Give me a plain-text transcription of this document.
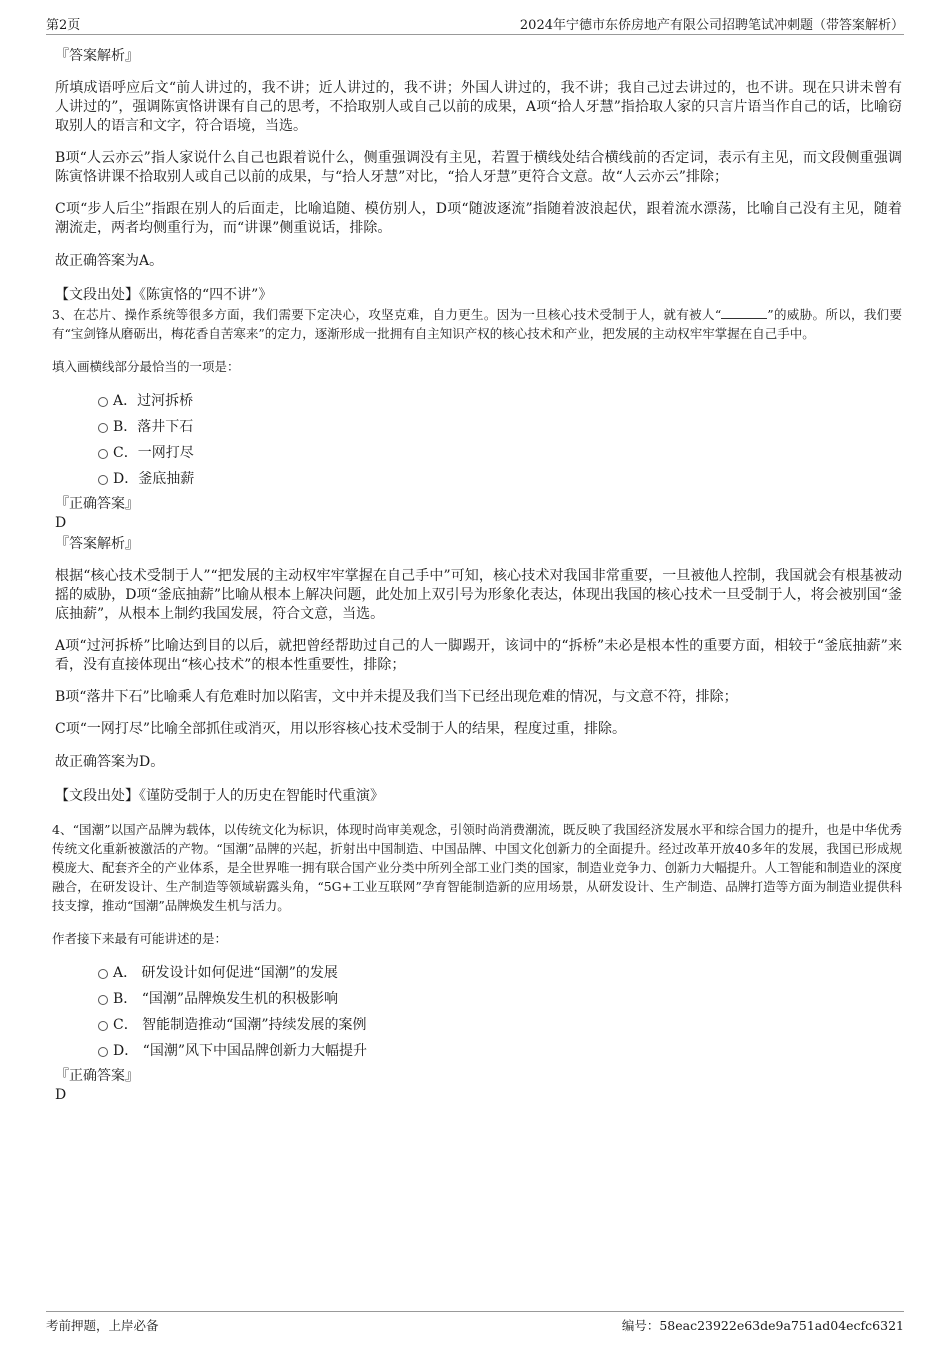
第2页	2024年宁德市东侨房地产有限公司招聘笔试冲刺题（带答案解析）

『答案解析』

所填成语呼应后文“前人讲过的，我不讲；近人讲过的，我不讲；外国人讲过的，我不讲；我自己过去讲过的，也不讲。现在只讲未曾有人讲过的”，强调陈寅恪讲课有自己的思考，不拾取别人或自己以前的成果，A项“拾人牙慧”指拾取人家的只言片语当作自己的话，比喻窃取别人的语言和文字，符合语境，当选。

B项“人云亦云”指人家说什么自己也跟着说什么，侧重强调没有主见，若置于横线处结合横线前的否定词，表示有主见，而文段侧重强调陈寅恪讲课不拾取别人或自己以前的成果，与“拾人牙慧”对比，“拾人牙慧”更符合文意。故“人云亦云”排除；

C项“步人后尘”指跟在别人的后面走，比喻追随、模仿别人，D项“随波逐流”指随着波浪起伏，跟着流水漂荡，比喻自己没有主见，随着潮流走，两者均侧重行为，而“讲课”侧重说话，排除。

故正确答案为A。

【文段出处】《陈寅恪的“四不讲”》

3、在芯片、操作系统等很多方面，我们需要下定决心，攻坚克难，自力更生。因为一旦核心技术受制于人，就有被人“	”的威胁。所以，我们要有“宝剑锋从磨砺出，梅花香自苦寒来”的定力，逐渐形成一批拥有自主知识产权的核心技术和产业，把发展的主动权牢牢掌握在自己手中。

填入画横线部分最恰当的一项是：

A．过河拆桥
B．落井下石
C．一网打尽
D．釜底抽薪

『正确答案』

D

『答案解析』

根据“核心技术受制于人”“把发展的主动权牢牢掌握在自己手中”可知，核心技术对我国非常重要，一旦被他人控制，我国就会有根基被动摇的威胁，D项“釜底抽薪”比喻从根本上解决问题，此处加上双引号为形象化表达，体现出我国的核心技术一旦受制于人，将会被别国“釜底抽薪”，从根本上制约我国发展，符合文意，当选。

A项“过河拆桥”比喻达到目的以后，就把曾经帮助过自己的人一脚踢开，该词中的“拆桥”未必是根本性的重要方面，相较于“釜底抽薪”来看，没有直接体现出“核心技术”的根本性重要性，排除；

B项“落井下石”比喻乘人有危难时加以陷害，文中并未提及我们当下已经出现危难的情况，与文意不符，排除；

C项“一网打尽”比喻全部抓住或消灭，用以形容核心技术受制于人的结果，程度过重，排除。

故正确答案为D。

【文段出处】《谨防受制于人的历史在智能时代重演》

4、“国潮”以国产品牌为载体，以传统文化为标识，体现时尚审美观念，引领时尚消费潮流，既反映了我国经济发展水平和综合国力的提升，也是中华优秀传统文化重新被激活的产物。“国潮”品牌的兴起，折射出中国制造、中国品牌、中国文化创新力的全面提升。经过改革开放40多年的发展，我国已形成规模庞大、配套齐全的产业体系，是全世界唯一拥有联合国产业分类中所列全部工业门类的国家，制造业竞争力、创新力大幅提升。人工智能和制造业的深度融合，在研发设计、生产制造等领域崭露头角，“5G+工业互联网”孕育智能制造新的应用场景，从研发设计、生产制造、品牌打造等方面为制造业提供科技支撑，推动“国潮”品牌焕发生机与活力。

作者接下来最有可能讲述的是：

A． 研发设计如何促进“国潮”的发展
B． “国潮”品牌焕发生机的积极影响
C． 智能制造推动“国潮”持续发展的案例
D． “国潮”风下中国品牌创新力大幅提升

『正确答案』

D

考前押题，上岸必备	编号：58eac23922e63de9a751ad04ecfc6321
